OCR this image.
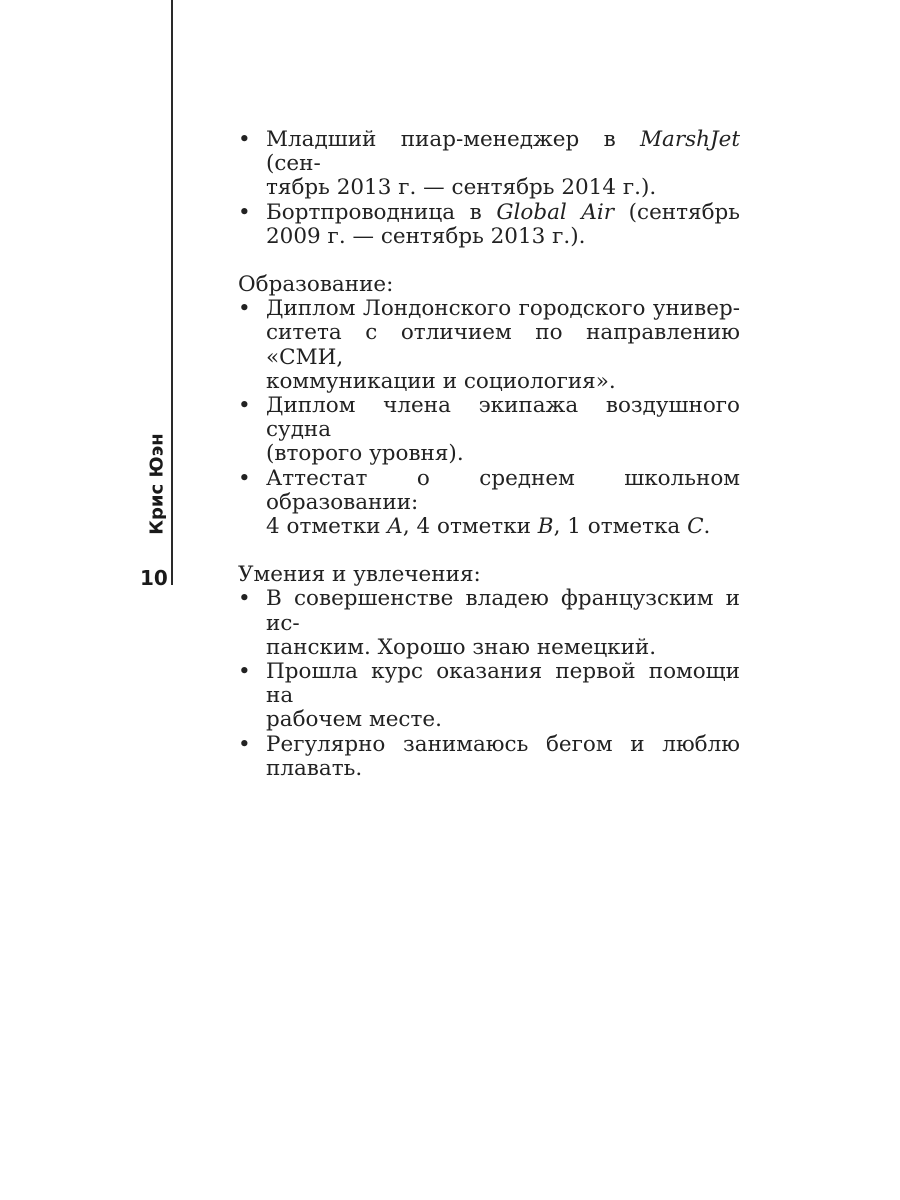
Крис Юэн
10
• Младший пиар-менеджер в MarshJet (сен-
тябрь 2013 г. — сентябрь 2014 г.).
• Бортпроводница в Global Air (сентябрь
2009 г. — сентябрь 2013 г.).
Образование:
• Диплом Лондонского городского универ-
ситета с отличием по направлению «СМИ,
коммуникации и социология».
• Диплом члена экипажа воздушного судна
(второго уровня).
• Аттестат о среднем школьном образовании:
4 отметки A, 4 отметки B, 1 отметка C.
Умения и увлечения:
• В совершенстве владею французским и ис-
панским. Хорошо знаю немецкий.
• Прошла курс оказания первой помощи на
рабочем месте.
• Регулярно занимаюсь бегом и люблю плавать.
